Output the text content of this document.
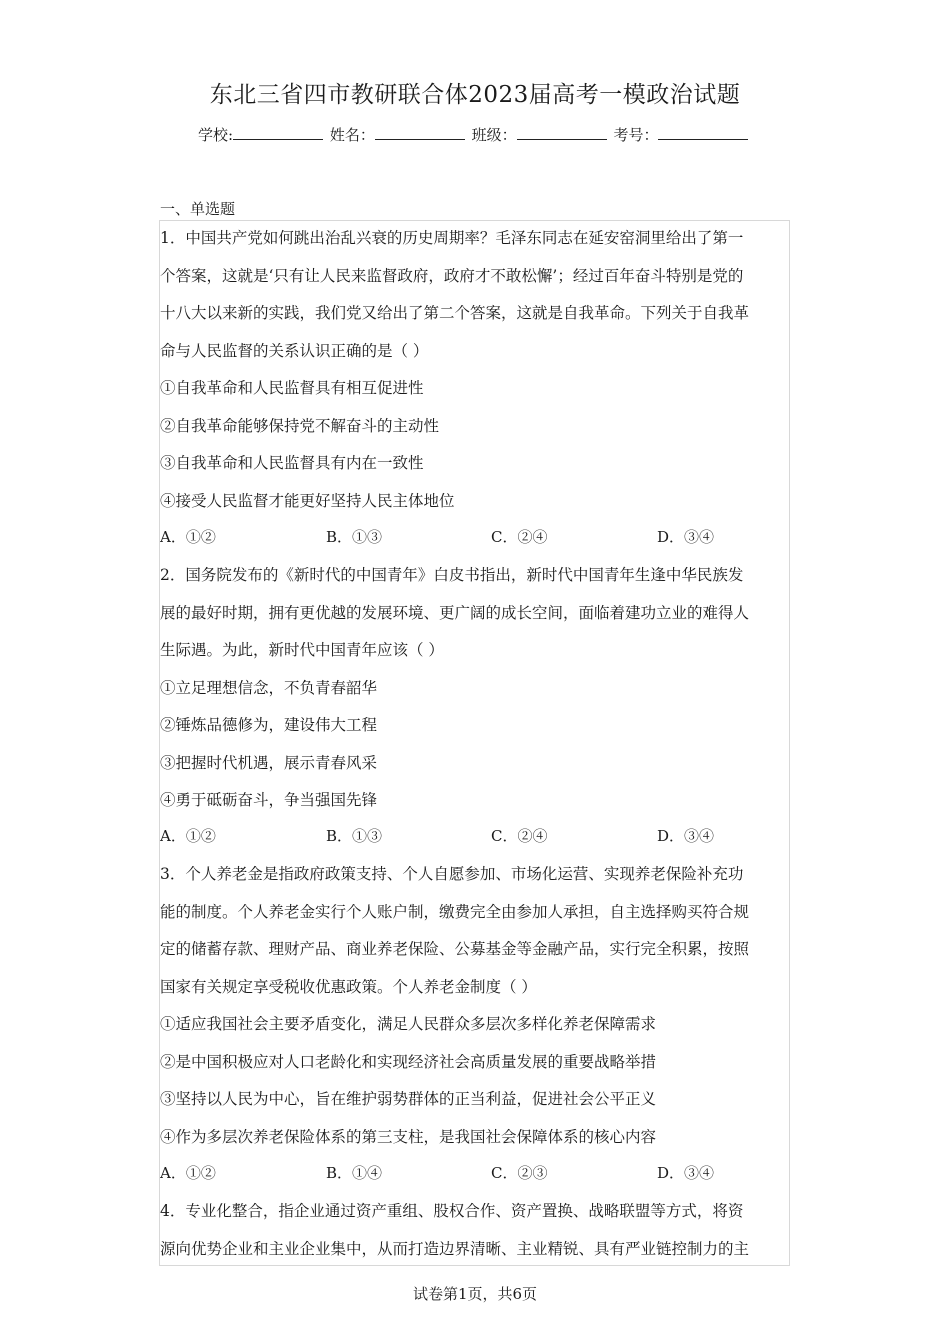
东北三省四市教研联合体2023届高考一模政治试题
学校:	姓名：	班级：	考号：
一、单选题
1．中国共产党如何跳出治乱兴衰的历史周期率？毛泽东同志在延安窑洞里给出了第一
个答案，这就是‘只有让人民来监督政府，政府才不敢松懈’；经过百年奋斗特别是党的
十八大以来新的实践，我们党又给出了第二个答案，这就是自我革命。下列关于自我革
命与人民监督的关系认识正确的是（ ）
①自我革命和人民监督具有相互促进性
②自我革命能够保持党不解奋斗的主动性
③自我革命和人民监督具有内在一致性
④接受人民监督才能更好坚持人民主体地位
A．①②	B．①③	C．②④	D．③④
2．国务院发布的《新时代的中国青年》白皮书指出，新时代中国青年生逢中华民族发
展的最好时期，拥有更优越的发展环境、更广阔的成长空间，面临着建功立业的难得人
生际遇。为此，新时代中国青年应该（ ）
①立足理想信念，不负青春韶华
②锤炼品德修为，建设伟大工程
③把握时代机遇，展示青春风采
④勇于砥砺奋斗，争当强国先锋
A．①②	B．①③	C．②④	D．③④
3．个人养老金是指政府政策支持、个人自愿参加、市场化运营、实现养老保险补充功
能的制度。个人养老金实行个人账户制，缴费完全由参加人承担，自主选择购买符合规
定的储蓄存款、理财产品、商业养老保险、公募基金等金融产品，实行完全积累，按照
国家有关规定享受税收优惠政策。个人养老金制度（ ）
①适应我国社会主要矛盾变化，满足人民群众多层次多样化养老保障需求
②是中国积极应对人口老龄化和实现经济社会高质量发展的重要战略举措
③坚持以人民为中心，旨在维护弱势群体的正当利益，促进社会公平正义
④作为多层次养老保险体系的第三支柱，是我国社会保障体系的核心内容
A．①②	B．①④	C．②③	D．③④
4．专业化整合，指企业通过资产重组、股权合作、资产置换、战略联盟等方式，将资
源向优势企业和主业企业集中，从而打造边界清晰、主业精锐、具有严业链控制力的主
试卷第1页，共6页
